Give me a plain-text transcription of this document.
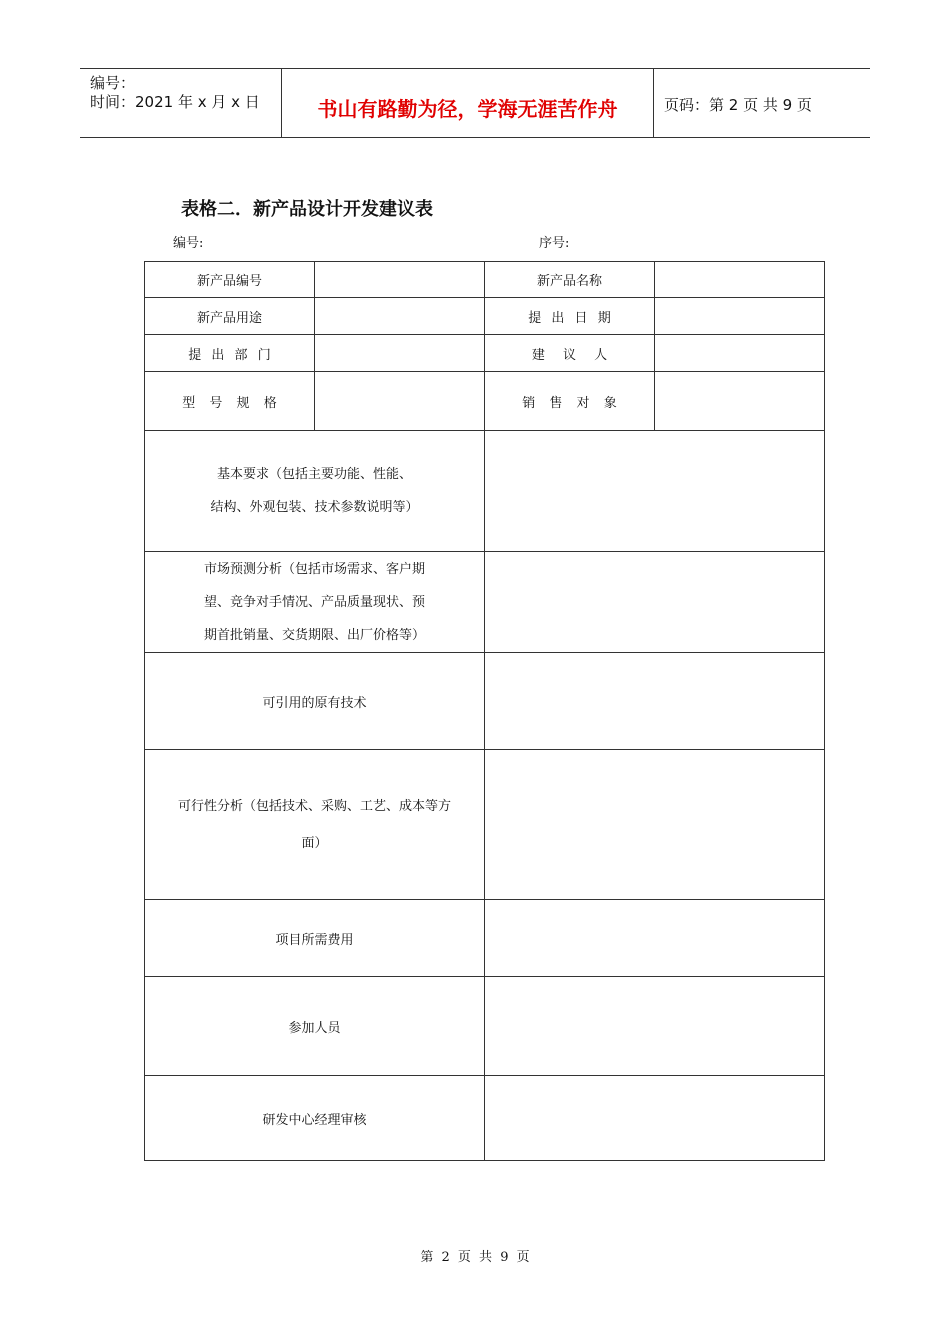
编号：
时间：2021 年 x 月 x 日	书山有路勤为径，学海无涯苦作舟	页码：第 2 页 共 9 页
表格二．新产品设计开发建议表
编号:	序号:
新产品编号		新产品名称	
新产品用途		提 出 日 期	
提 出 部 门		建 议 人	
型 号 规 格		销 售 对 象	

基本要求（包括主要功能、性能、
结构、外观包装、技术参数说明等）			

市场预测分析（包括市场需求、客户期
望、竞争对手情况、产品质量现状、预
期首批销量、交货期限、出厂价格等）			

可引用的原有技术			

可行性分析（包括技术、采购、工艺、成本等方
面）			

项目所需费用			
参加人员			
研发中心经理审核			
第 2 页 共 9 页
